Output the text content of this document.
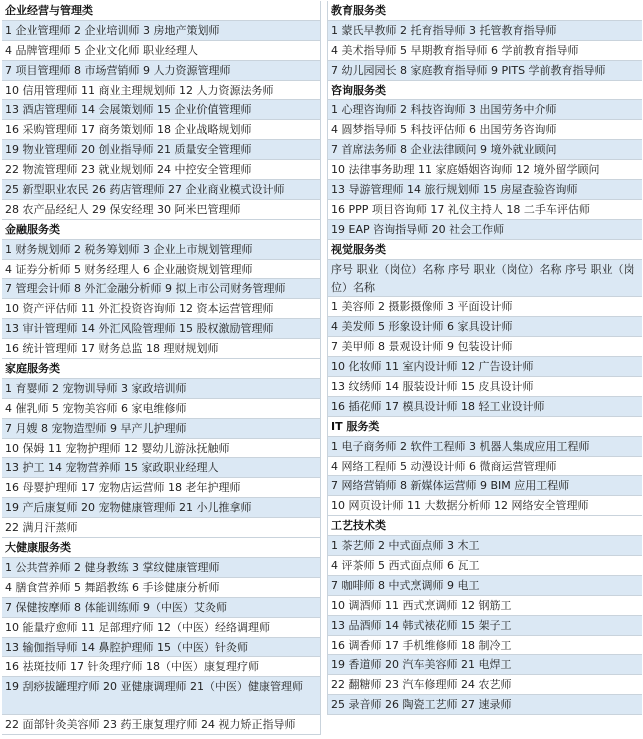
企业经营与管理类
1 企业管理师 2 企业培训师 3 房地产策划师
4 品牌管理师 5 企业文化师 职业经理人
7 项目管理师 8 市场营销师 9 人力资源管理师
10 信用管理师 11 商业主理规划师 12 人力资源法务师
13 酒店管理师 14 会展策划师 15 企业价值管理师
16 采购管理师 17 商务策划师 18 企业战略规划师
19 物业管理师 20 创业指导师 21 质量安全管理师
22 物流管理师 23 就业规划师 24 中控安全管理师
25 新型职业农民 26 药店管理师 27 企业商业模式设计师
28 农产品经纪人 29 保安经理 30 阿米巴管理师
金融服务类
1 财务规划师 2 税务筹划师 3 企业上市规划管理师
4 证券分析师 5 财务经理人 6 企业融资规划管理师
7 管理会计师 8 外汇金融分析师 9 拟上市公司财务管理师
10 资产评估师 11 外汇投资咨询师 12 资本运营管理师
13 审计管理师 14 外汇风险管理师 15 股权激励管理师
16 统计管理师 17 财务总监 18 理财规划师
家庭服务类
1 育婴师 2 宠物训导师 3 家政培训师
4 催乳师 5 宠物美容师 6 家电维修师
7 月嫂 8 宠物造型师 9 早产儿护理师
10 保姆 11 宠物护理师 12 婴幼儿游泳抚触师
13 护工 14 宠物营养师 15 家政职业经理人
16 母婴护理师 17 宠物店运营师 18 老年护理师
19 产后康复师 20 宠物健康管理师 21 小儿推拿师
22 满月汗蒸师
大健康服务类
1 公共营养师 2 健身教练 3 掌纹健康管理师
4 膳食营养师 5 舞蹈教练 6 手诊健康分析师
7 保健按摩师 8 体能训练师 9（中医）艾灸师
10 能量疗愈师 11 足部理疗师 12（中医）经络调理师
13 输伽指导师 14 鼻腔护理师 15（中医）针灸师
16 祛斑技师 17 针灸理疗师 18（中医）康复理疗师
19 刮痧拔罐理疗师 20 亚健康调理师 21（中医）健康管理师
22 面部针灸美容师 23 药王康复理疗师 24 视力矫正指导师
教育服务类
1 蒙氏早教师 2 托育指导师 3 托管教育指导师
4 美术指导师 5 早期教育指导师 6 学前教育指导师
7 幼儿园园长 8 家庭教育指导师 9 PITS 学前教育指导师
咨询服务类
1 心理咨询师 2 科技咨询师 3 出国劳务中介师
4 圆梦指导师 5 科技评估师 6 出国劳务咨询师
7 首席法务师 8 企业法律顾问 9 境外就业顾问
10 法律事务助理 11 家庭婚姻咨询师 12 境外留学顾问
13 导游管理师 14 旅行规划师 15 房屋查验咨询师
16 PPP 项目咨询师 17 礼仪主持人 18 二手车评估师
19 EAP 咨询指导师 20 社会工作师
视觉服务类
序号 职业（岗位）名称 序号 职业（岗位）名称 序号 职业（岗位）名称
1 美容师 2 摄影摄像师 3 平面设计师
4 美发师 5 形象设计师 6 家具设计师
7 美甲师 8 景观设计师 9 包装设计师
10 化妆师 11 室内设计师 12 广告设计师
13 纹绣师 14 服装设计师 15 皮具设计师
16 插花师 17 模具设计师 18 轻工业设计师
IT 服务类
1 电子商务师 2 软件工程师 3 机器人集成应用工程师
4 网络工程师 5 动漫设计师 6 微商运营管理师
7 网络营销师 8 新媒体运营师 9 BIM 应用工程师
10 网页设计师 11 大数据分析师 12 网络安全管理师
工艺技术类
1 茶艺师 2 中式面点师 3 木工
4 评茶师 5 西式面点师 6 瓦工
7 咖啡师 8 中式烹调师 9 电工
10 调酒师 11 西式烹调师 12 钢筋工
13 品酒师 14 韩式裱花师 15 架子工
16 调香师 17 手机维修师 18 制冷工
19 香道师 20 汽车美容师 21 电焊工
22 翻糖师 23 汽车修理师 24 农艺师
25 录音师 26 陶瓷工艺师 27 速录师
